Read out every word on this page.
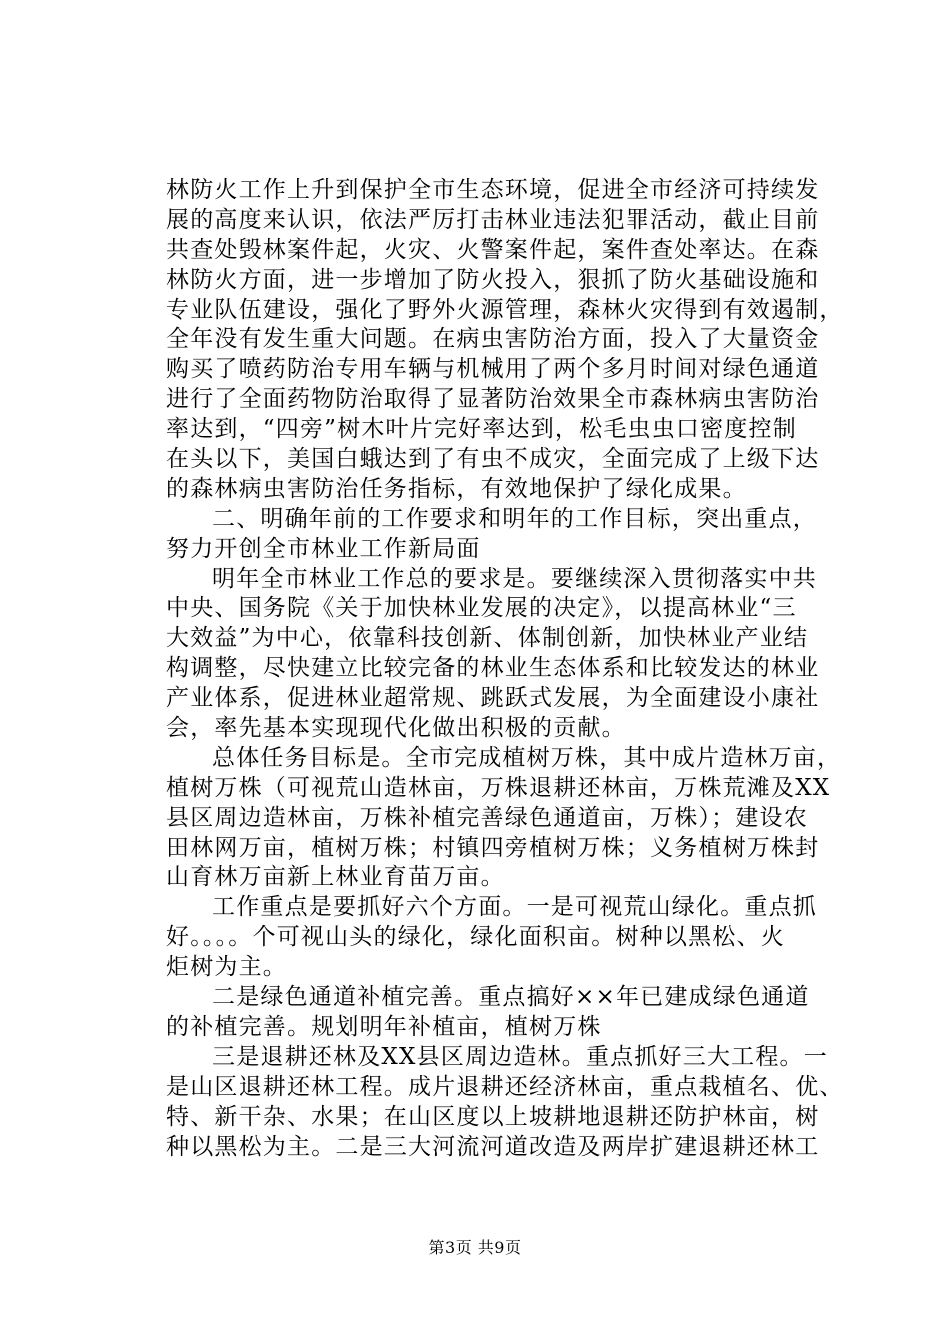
林防火工作上升到保护全市生态环境，促进全市经济可持续发
展的高度来认识，依法严厉打击林业违法犯罪活动，截止目前
共查处毁林案件起，火灾、火警案件起，案件查处率达。在森
林防火方面，进一步增加了防火投入，狠抓了防火基础设施和
专业队伍建设，强化了野外火源管理，森林火灾得到有效遏制，
全年没有发生重大问题。在病虫害防治方面，投入了大量资金
购买了喷药防治专用车辆与机械用了两个多月时间对绿色通道
进行了全面药物防治取得了显著防治效果全市森林病虫害防治
率达到，“四旁”树木叶片完好率达到，松毛虫虫口密度控制
在头以下，美国白蛾达到了有虫不成灾，全面完成了上级下达
的森林病虫害防治任务指标，有效地保护了绿化成果。
二、明确年前的工作要求和明年的工作目标，突出重点，
努力开创全市林业工作新局面
明年全市林业工作总的要求是。要继续深入贯彻落实中共
中央、国务院《关于加快林业发展的决定》，以提高林业“三
大效益”为中心，依靠科技创新、体制创新，加快林业产业结
构调整，尽快建立比较完备的林业生态体系和比较发达的林业
产业体系，促进林业超常规、跳跃式发展，为全面建设小康社
会，率先基本实现现代化做出积极的贡献。
总体任务目标是。全市完成植树万株，其中成片造林万亩，
植树万株（可视荒山造林亩，万株退耕还林亩，万株荒滩及XX
县区周边造林亩，万株补植完善绿色通道亩，万株）；建设农
田林网万亩，植树万株；村镇四旁植树万株；义务植树万株封
山育林万亩新上林业育苗万亩。
工作重点是要抓好六个方面。一是可视荒山绿化。重点抓
好。。。。个可视山头的绿化，绿化面积亩。树种以黑松、火
炬树为主。
二是绿色通道补植完善。重点搞好××年已建成绿色通道
的补植完善。规划明年补植亩，植树万株
三是退耕还林及XX县区周边造林。重点抓好三大工程。一
是山区退耕还林工程。成片退耕还经济林亩，重点栽植名、优、
特、新干杂、水果；在山区度以上坡耕地退耕还防护林亩，树
种以黑松为主。二是三大河流河道改造及两岸扩建退耕还林工
第3页 共9页
